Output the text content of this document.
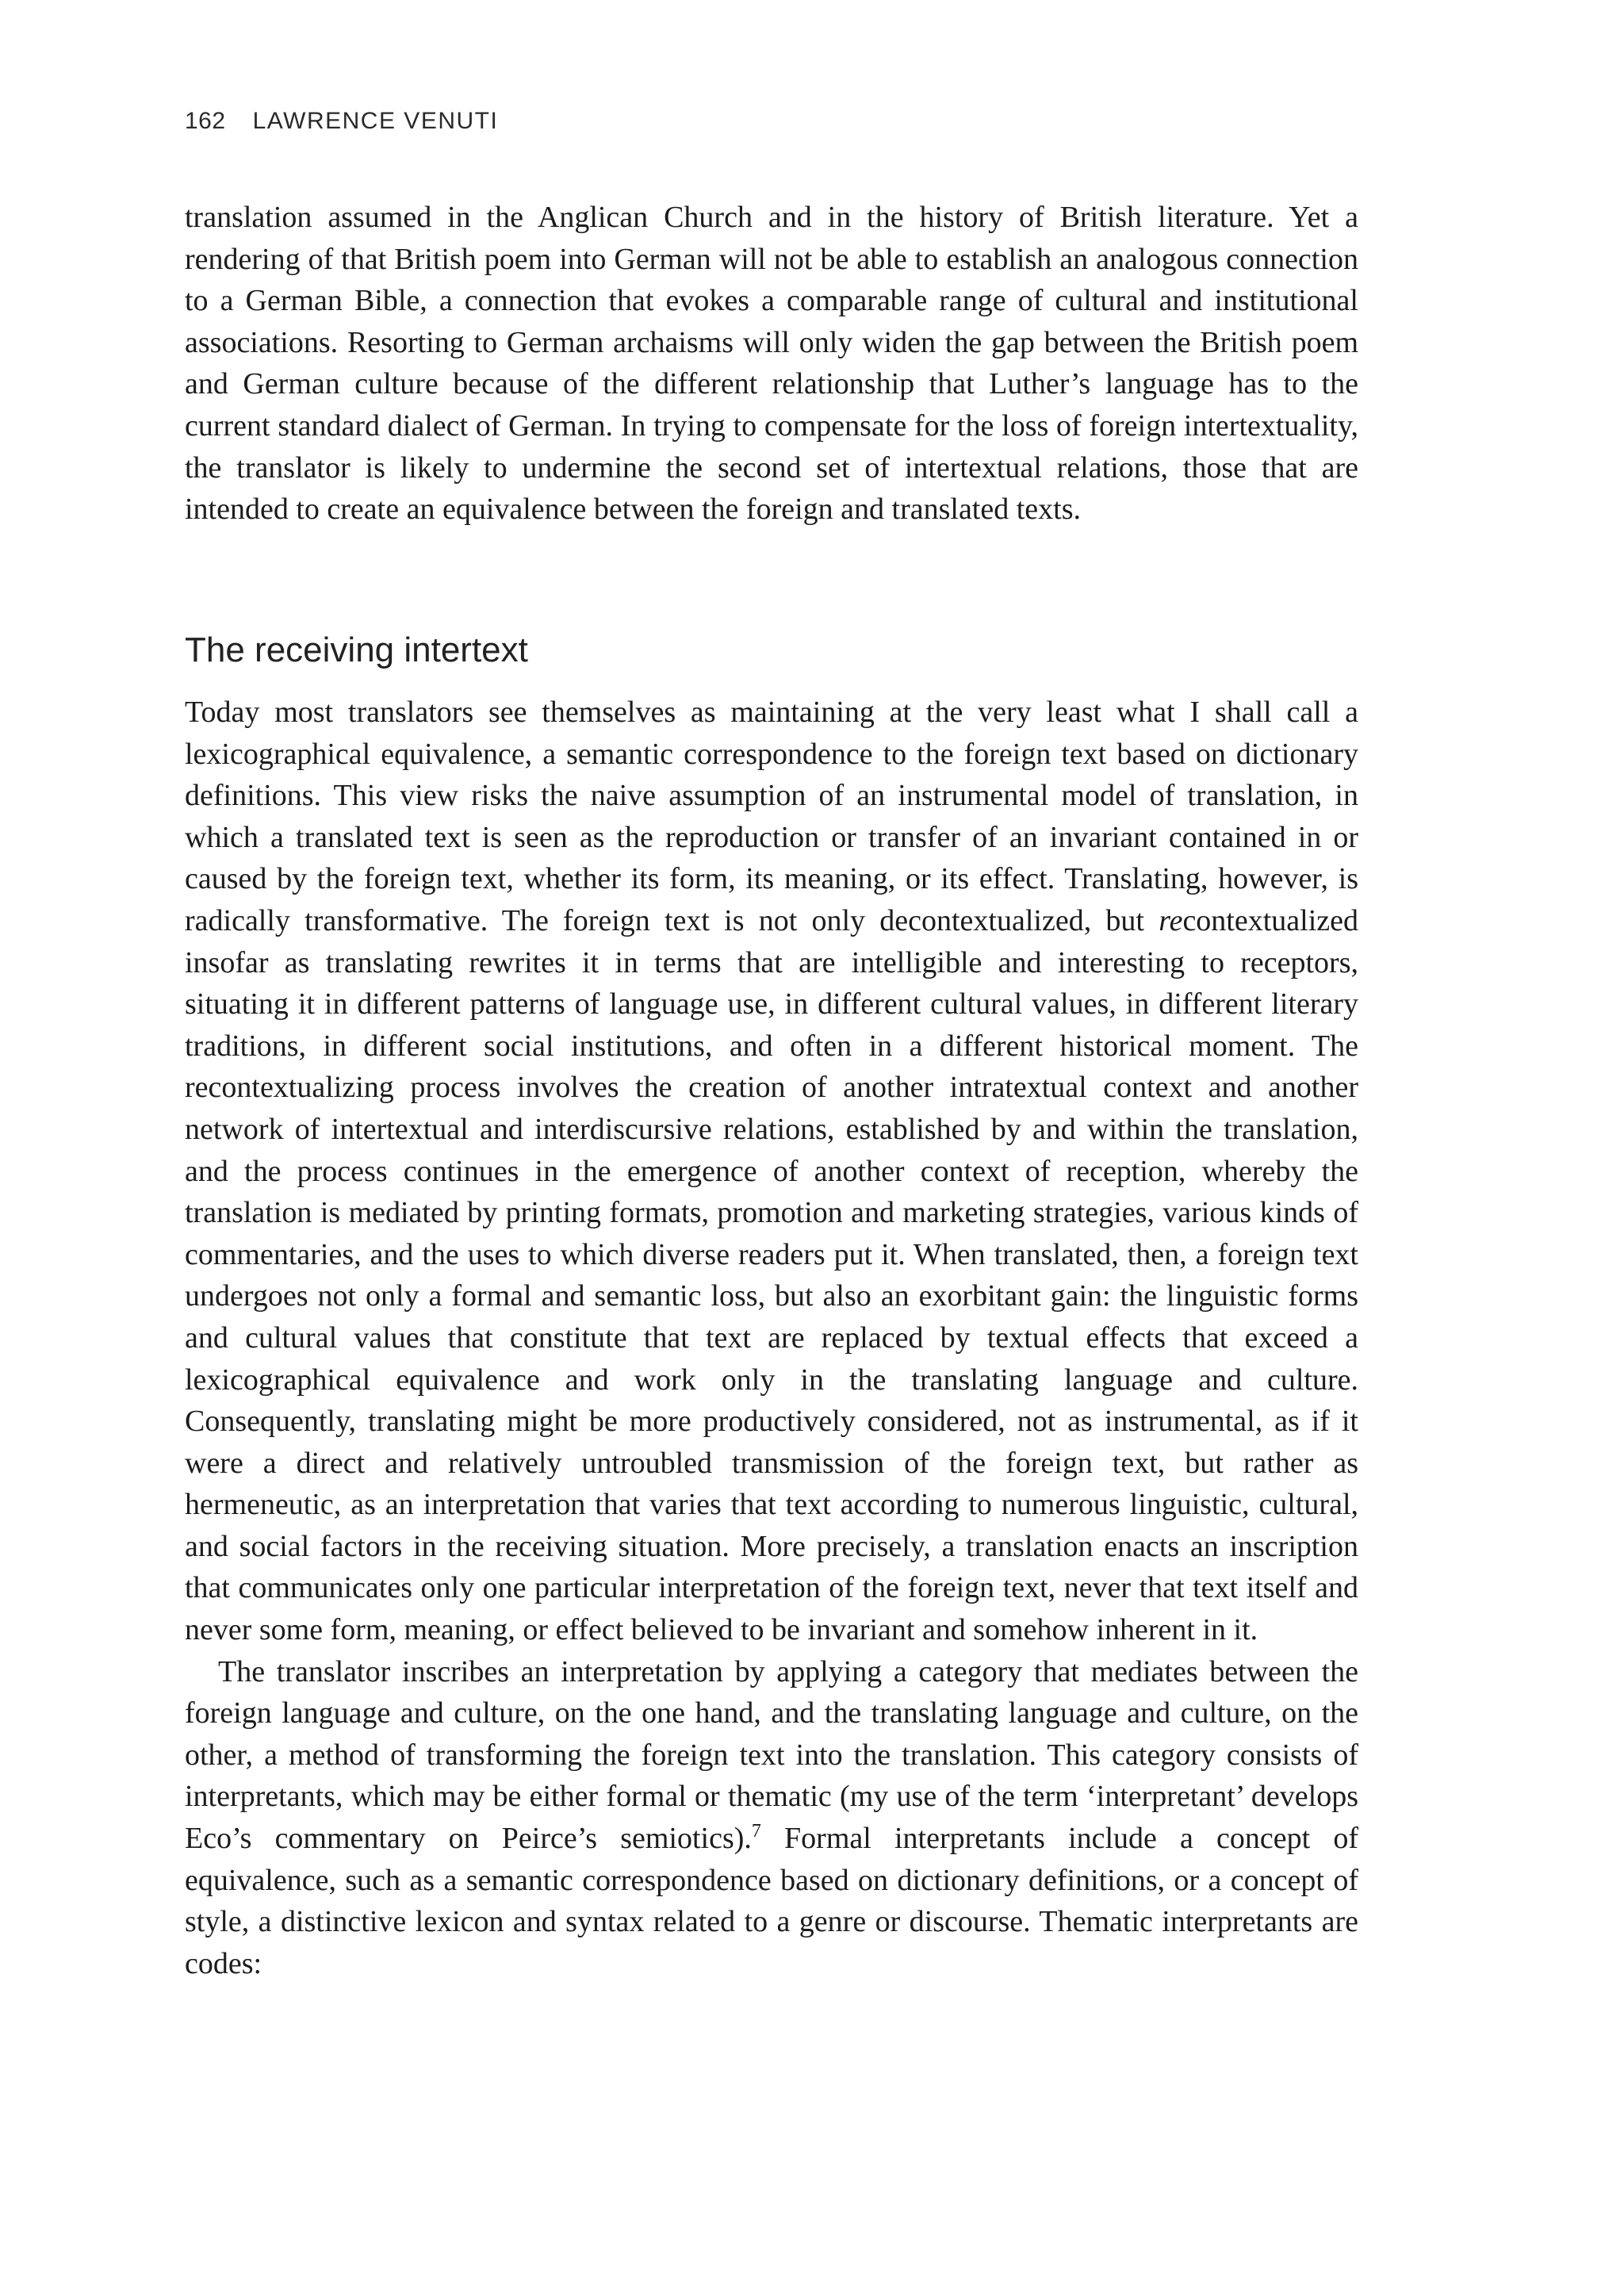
162 LAWRENCE VENUTI

translation assumed in the Anglican Church and in the history of British literature. Yet a rendering of that British poem into German will not be able to establish an analogous connection to a German Bible, a connection that evokes a comparable range of cultural and institutional associations. Resorting to German archaisms will only widen the gap between the British poem and German culture because of the different relationship that Luther’s language has to the current standard dialect of German. In trying to compensate for the loss of foreign intertextuality, the translator is likely to undermine the second set of intertextual relations, those that are intended to create an equivalence between the foreign and translated texts.

The receiving intertext

Today most translators see themselves as maintaining at the very least what I shall call a lexicographical equivalence, a semantic correspondence to the foreign text based on dictionary definitions. This view risks the naive assumption of an instrumental model of translation, in which a translated text is seen as the reproduction or transfer of an invariant contained in or caused by the foreign text, whether its form, its meaning, or its effect. Translating, however, is radically transformative. The foreign text is not only decontextualized, but recontextualized insofar as translating rewrites it in terms that are intelligible and interesting to receptors, situating it in different patterns of language use, in different cultural values, in different literary traditions, in different social institutions, and often in a different historical moment. The recontextualizing process involves the creation of another intratextual context and another network of intertextual and interdiscursive relations, established by and within the translation, and the process continues in the emergence of another context of reception, whereby the translation is mediated by printing formats, promotion and marketing strategies, various kinds of commentaries, and the uses to which diverse readers put it. When translated, then, a foreign text undergoes not only a formal and semantic loss, but also an exorbitant gain: the linguistic forms and cultural values that constitute that text are replaced by textual effects that exceed a lexicographical equivalence and work only in the translating language and culture. Consequently, translating might be more productively considered, not as instrumental, as if it were a direct and relatively untroubled transmission of the foreign text, but rather as hermeneutic, as an interpretation that varies that text according to numerous linguistic, cultural, and social factors in the receiving situation. More precisely, a translation enacts an inscription that communicates only one particular interpretation of the foreign text, never that text itself and never some form, meaning, or effect believed to be invariant and somehow inherent in it.

The translator inscribes an interpretation by applying a category that mediates between the foreign language and culture, on the one hand, and the translating language and culture, on the other, a method of transforming the foreign text into the translation. This category consists of interpretants, which may be either formal or thematic (my use of the term ‘interpretant’ develops Eco’s commentary on Peirce’s semiotics).$^7$ Formal interpretants include a concept of equivalence, such as a semantic correspondence based on dictionary definitions, or a concept of style, a distinctive lexicon and syntax related to a genre or discourse. Thematic interpretants are codes:
